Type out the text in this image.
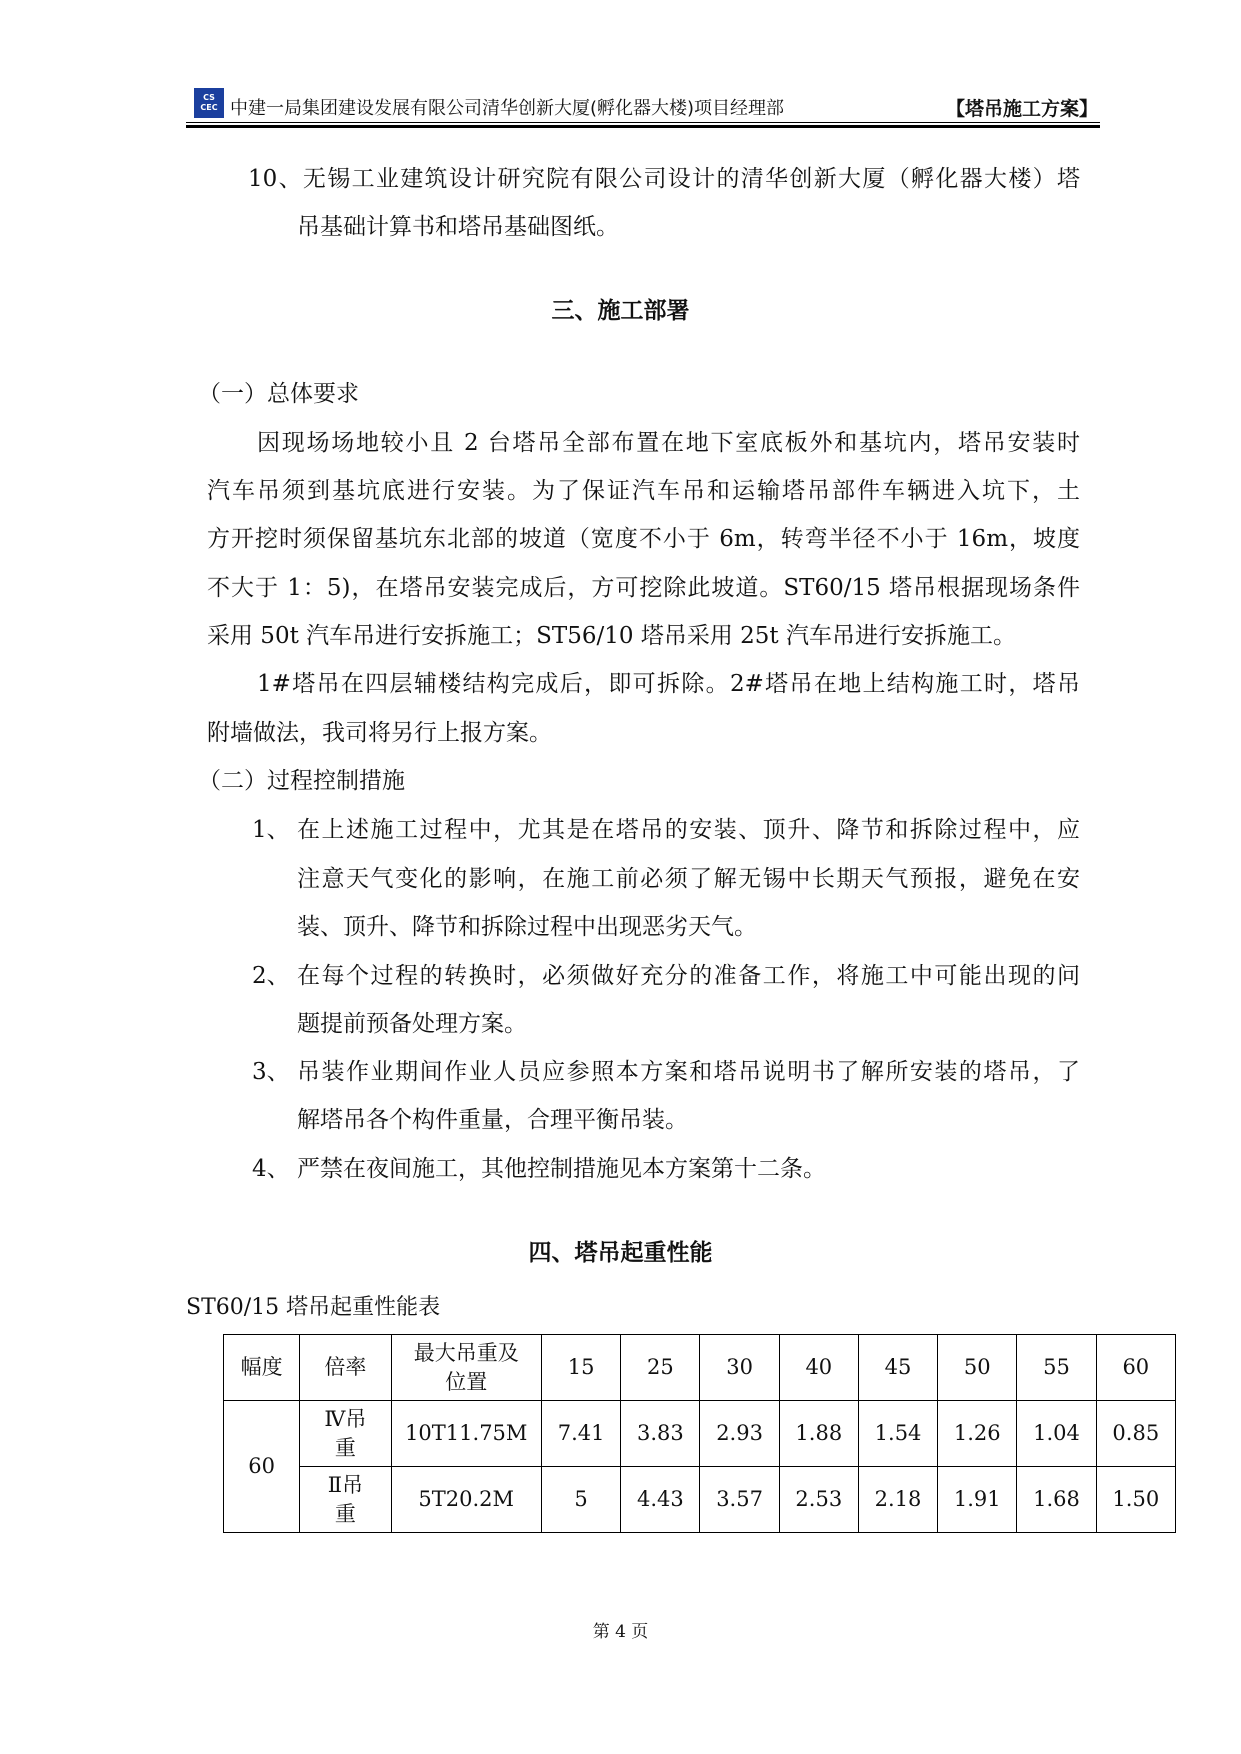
CS
CEC 中建一局集团建设发展有限公司清华创新大厦(孵化器大楼)项目经理部	【塔吊施工方案】
10、无锡工业建筑设计研究院有限公司设计的清华创新大厦（孵化器大楼）塔
吊基础计算书和塔吊基础图纸。
三、施工部署
（一）总体要求
因现场场地较小且 2 台塔吊全部布置在地下室底板外和基坑内，塔吊安装时
汽车吊须到基坑底进行安装。为了保证汽车吊和运输塔吊部件车辆进入坑下，土
方开挖时须保留基坑东北部的坡道（宽度不小于 6m，转弯半径不小于 16m，坡度
不大于 1：5)，在塔吊安装完成后，方可挖除此坡道。ST60/15 塔吊根据现场条件
采用 50t 汽车吊进行安拆施工；ST56/10 塔吊采用 25t 汽车吊进行安拆施工。
1#塔吊在四层辅楼结构完成后，即可拆除。2#塔吊在地上结构施工时，塔吊
附墙做法，我司将另行上报方案。
（二）过程控制措施
1、 在上述施工过程中，尤其是在塔吊的安装、顶升、降节和拆除过程中，应
注意天气变化的影响，在施工前必须了解无锡中长期天气预报，避免在安
装、顶升、降节和拆除过程中出现恶劣天气。
2、 在每个过程的转换时，必须做好充分的准备工作，将施工中可能出现的问
题提前预备处理方案。
3、 吊装作业期间作业人员应参照本方案和塔吊说明书了解所安装的塔吊，了
解塔吊各个构件重量，合理平衡吊装。
4、 严禁在夜间施工，其他控制措施见本方案第十二条。
四、塔吊起重性能
ST60/15 塔吊起重性能表
幅度	倍率	最大吊重及
位置	15	25	30	40	45	50	55	60
60	Ⅳ吊
重	10T11.75M	7.41	3.83	2.93	1.88	1.54	1.26	1.04	0.85

	Ⅱ吊
重	5T20.2M	5	4.43	3.57	2.53	2.18	1.91	1.68	1.50
第 4 页
